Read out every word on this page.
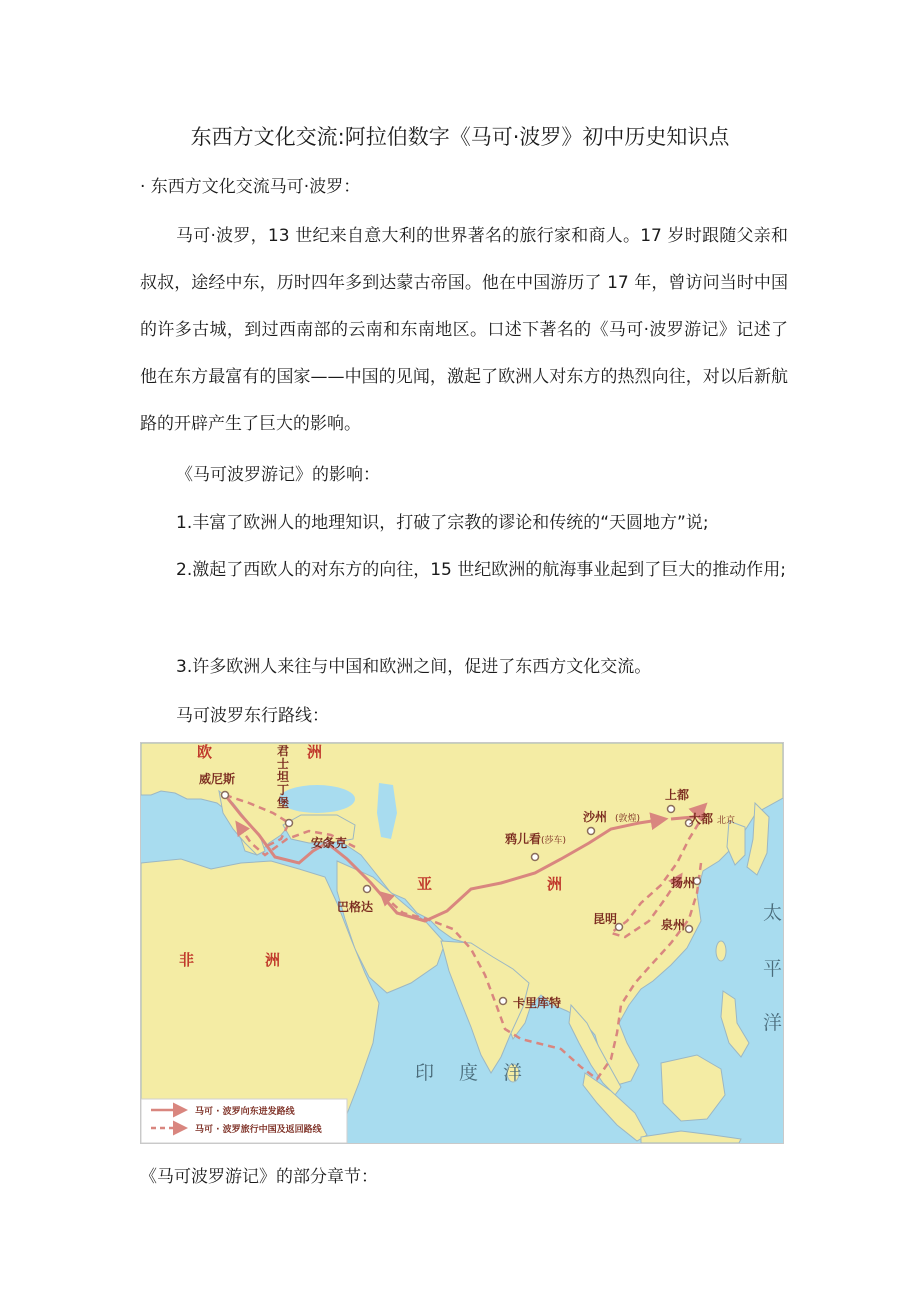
东西方文化交流:阿拉伯数字《马可·波罗》初中历史知识点
· 东西方文化交流马可·波罗：

马可·波罗，13 世纪来自意大利的世界著名的旅行家和商人。17 岁时跟随父亲和叔叔，途经中东，历时四年多到达蒙古帝国。他在中国游历了 17 年，曾访问当时中国的许多古城，到过西南部的云南和东南地区。口述下著名的《马可·波罗游记》记述了他在东方最富有的国家——中国的见闻，激起了欧洲人对东方的热烈向往，对以后新航路的开辟产生了巨大的影响。

《马可波罗游记》的影响：
1.丰富了欧洲人的地理知识，打破了宗教的谬论和传统的“天圆地方”说;

2.激起了西欧人的对东方的向往，15 世纪欧洲的航海事业起到了巨大的推动作用;

3.许多欧洲人来往与中国和欧洲之间，促进了东西方文化交流。
马可波罗东行路线：
欧	洲
亚	洲
非	洲
印 度 洋
太
平
洋
威尼斯
安条克
巴格达
鸦儿看
沙州
上都
大都
扬州
昆明	泉州
卡里库特
(莎车)
(敦煌)	北京
君士坦丁堡
马可 · 波罗向东进发路线
马可 · 波罗旅行中国及返回路线
《马可波罗游记》的部分章节：
